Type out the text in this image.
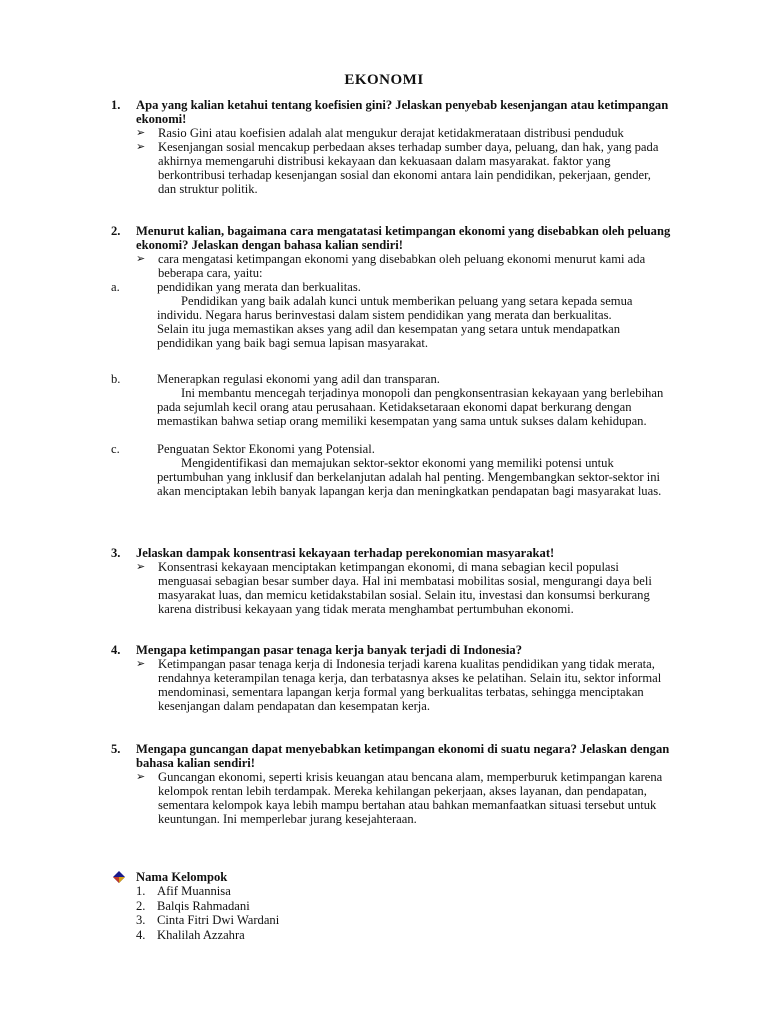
EKONOMI
1.	Apa yang kalian ketahui tentang koefisien gini? Jelaskan penyebab kesenjangan atau ketimpangan ekonomi!
➢	Rasio Gini atau koefisien adalah alat mengukur derajat ketidakmerataan distribusi penduduk
➢	Kesenjangan sosial mencakup perbedaan akses terhadap sumber daya, peluang, dan hak, yang pada akhirnya memengaruhi distribusi kekayaan dan kekuasaan dalam masyarakat. faktor yang berkontribusi terhadap kesenjangan sosial dan ekonomi antara lain pendidikan, pekerjaan, gender, dan struktur politik.
2.	Menurut kalian, bagaimana cara mengatatasi ketimpangan ekonomi yang disebabkan oleh peluang ekonomi? Jelaskan dengan bahasa kalian sendiri!
➢	cara mengatasi ketimpangan ekonomi yang disebabkan oleh peluang ekonomi menurut kami ada beberapa cara, yaitu:
a.	pendidikan yang merata dan berkualitas.
Pendidikan yang baik adalah kunci untuk memberikan peluang yang setara kepada semua individu. Negara harus berinvestasi dalam sistem pendidikan yang merata dan berkualitas.
Selain itu juga memastikan akses yang adil dan kesempatan yang setara untuk mendapatkan pendidikan yang baik bagi semua lapisan masyarakat.
b.	Menerapkan regulasi ekonomi yang adil dan transparan.
Ini membantu mencegah terjadinya monopoli dan pengkonsentrasian kekayaan yang berlebihan pada sejumlah kecil orang atau perusahaan. Ketidaksetaraan ekonomi dapat berkurang dengan memastikan bahwa setiap orang memiliki kesempatan yang sama untuk sukses dalam kehidupan.
c.	Penguatan Sektor Ekonomi yang Potensial.
Mengidentifikasi dan memajukan sektor-sektor ekonomi yang memiliki potensi untuk pertumbuhan yang inklusif dan berkelanjutan adalah hal penting. Mengembangkan sektor-sektor ini akan menciptakan lebih banyak lapangan kerja dan meningkatkan pendapatan bagi masyarakat luas.
3.	Jelaskan dampak konsentrasi kekayaan terhadap perekonomian masyarakat!
➢	Konsentrasi kekayaan menciptakan ketimpangan ekonomi, di mana sebagian kecil populasi menguasai sebagian besar sumber daya. Hal ini membatasi mobilitas sosial, mengurangi daya beli masyarakat luas, dan memicu ketidakstabilan sosial. Selain itu, investasi dan konsumsi berkurang karena distribusi kekayaan yang tidak merata menghambat pertumbuhan ekonomi.
4.	Mengapa ketimpangan pasar tenaga kerja banyak terjadi di Indonesia?
➢	Ketimpangan pasar tenaga kerja di Indonesia terjadi karena kualitas pendidikan yang tidak merata, rendahnya keterampilan tenaga kerja, dan terbatasnya akses ke pelatihan. Selain itu, sektor informal mendominasi, sementara lapangan kerja formal yang berkualitas terbatas, sehingga menciptakan kesenjangan dalam pendapatan dan kesempatan kerja.
5.	Mengapa guncangan dapat menyebabkan ketimpangan ekonomi di suatu negara? Jelaskan dengan bahasa kalian sendiri!
➢	Guncangan ekonomi, seperti krisis keuangan atau bencana alam, memperburuk ketimpangan karena kelompok rentan lebih terdampak. Mereka kehilangan pekerjaan, akses layanan, dan pendapatan, sementara kelompok kaya lebih mampu bertahan atau bahkan memanfaatkan situasi tersebut untuk keuntungan. Ini memperlebar jurang kesejahteraan.
Nama Kelompok
1. Afif Muannisa
2. Balqis Rahmadani
3. Cinta Fitri Dwi Wardani
4. Khalilah Azzahra
